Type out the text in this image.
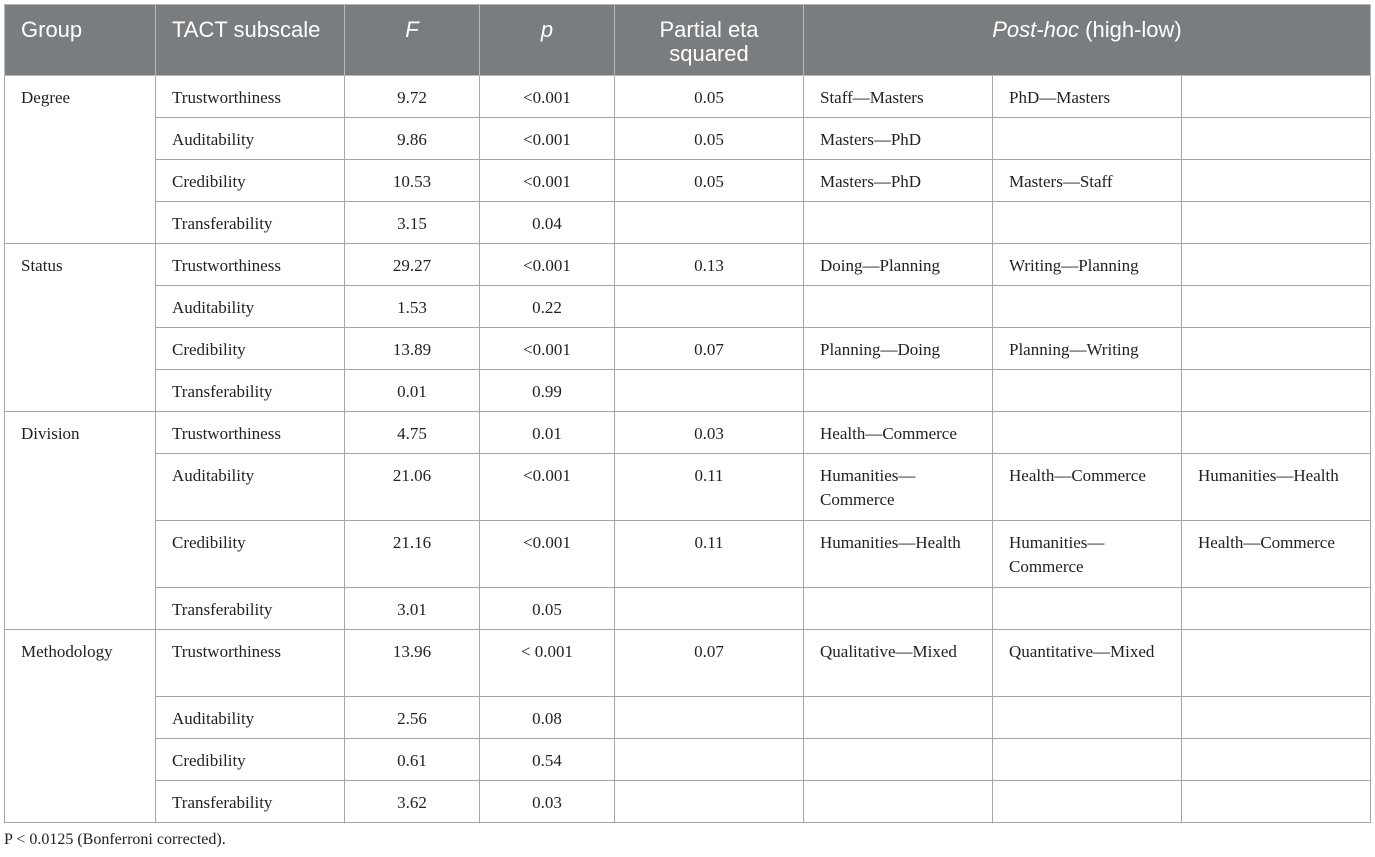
Group	TACT subscale	F	p	Partial eta squared	Post-hoc (high-low)		
Degree	Trustworthiness	9.72	<0.001	0.05	Staff—Masters	PhD—Masters	
	Auditability	9.86	<0.001	0.05	Masters—PhD		
	Credibility	10.53	<0.001	0.05	Masters—PhD	Masters—Staff	
	Transferability	3.15	0.04				
Status	Trustworthiness	29.27	<0.001	0.13	Doing—Planning	Writing—Planning	
	Auditability	1.53	0.22				
	Credibility	13.89	<0.001	0.07	Planning—Doing	Planning—Writing	
	Transferability	0.01	0.99				
Division	Trustworthiness	4.75	0.01	0.03	Health—Commerce		
	Auditability	21.06	<0.001	0.11	Humanities—Commerce	Health—Commerce	Humanities—Health
	Credibility	21.16	<0.001	0.11	Humanities—Health	Humanities—Commerce	Health—Commerce
	Transferability	3.01	0.05				
Methodology	Trustworthiness	13.96	< 0.001	0.07	Qualitative—Mixed	Quantitative—Mixed	
	Auditability	2.56	0.08				
	Credibility	0.61	0.54				
	Transferability	3.62	0.03				
P < 0.0125 (Bonferroni corrected).
